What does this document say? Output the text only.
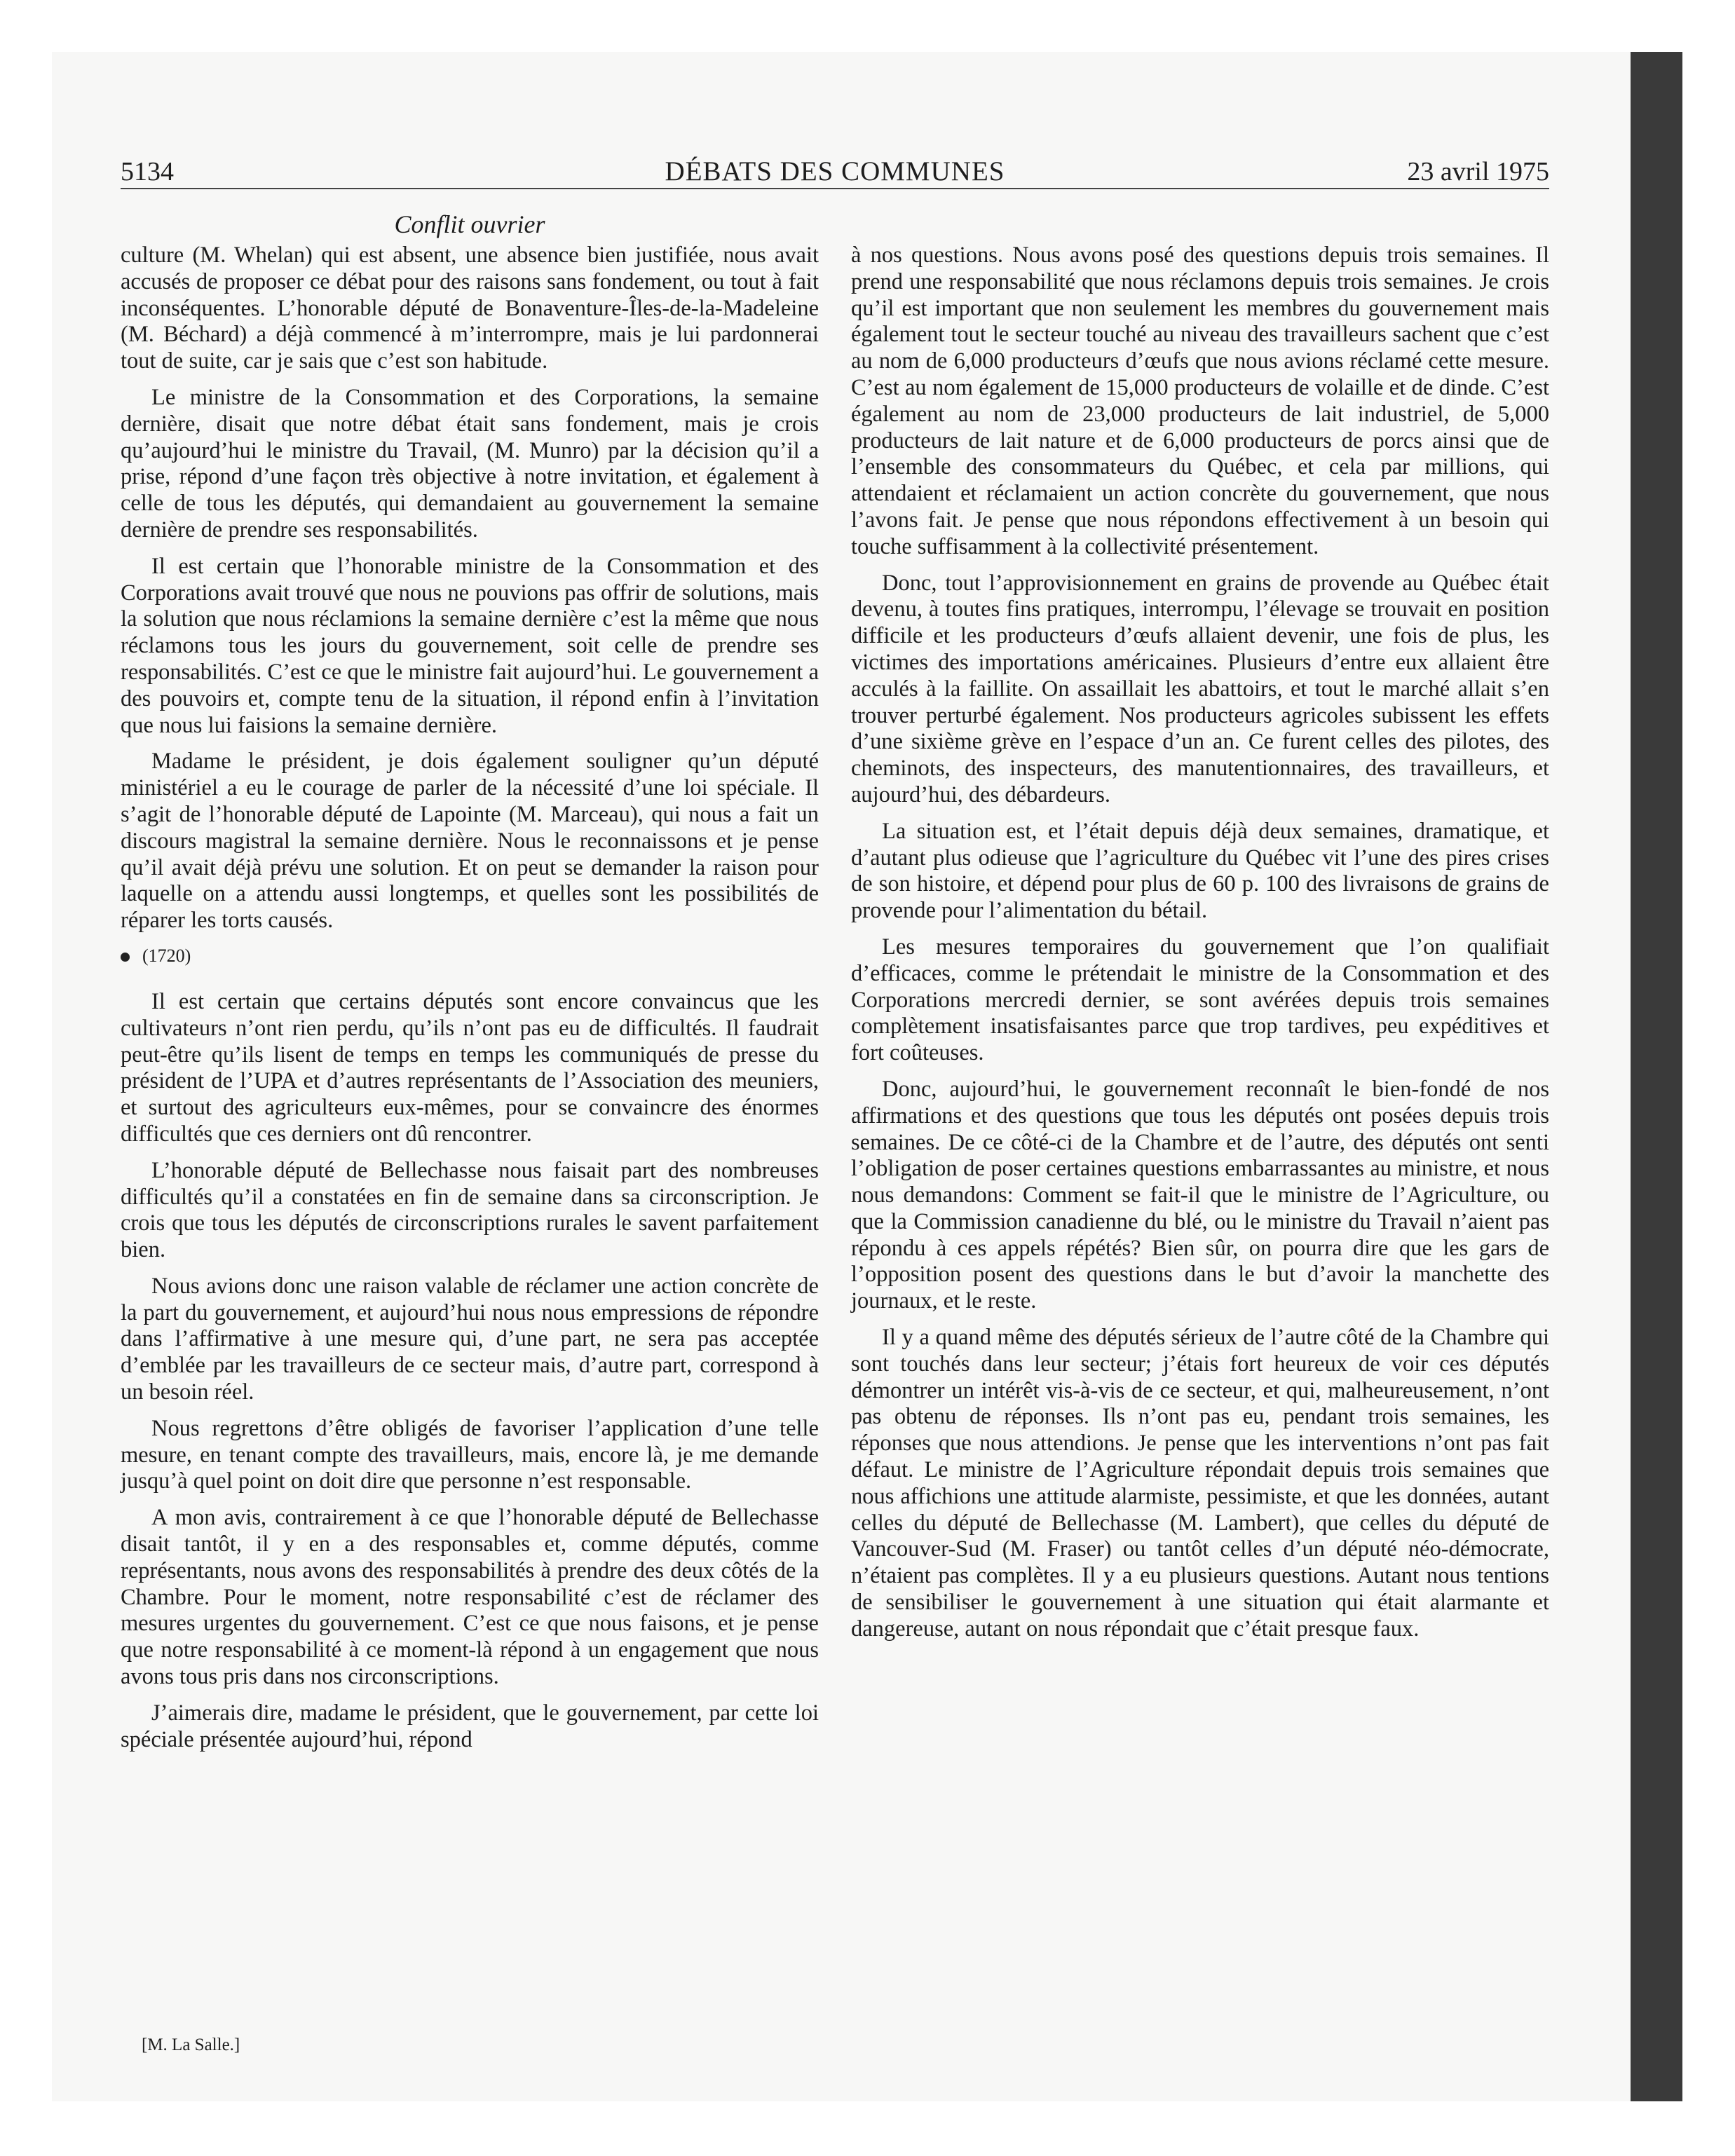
5134	DÉBATS DES COMMUNES	23 avril 1975
Conflit ouvrier

culture (M. Whelan) qui est absent, une absence bien justifiée, nous avait accusés de proposer ce débat pour des raisons sans fondement, ou tout à fait inconséquentes. L’honorable député de Bonaventure-Îles-de-la-Madeleine (M. Béchard) a déjà commencé à m’interrompre, mais je lui pardonnerai tout de suite, car je sais que c’est son habitude.

Le ministre de la Consommation et des Corporations, la semaine dernière, disait que notre débat était sans fondement, mais je crois qu’aujourd’hui le ministre du Travail, (M. Munro) par la décision qu’il a prise, répond d’une façon très objective à notre invitation, et également à celle de tous les députés, qui demandaient au gouvernement la semaine dernière de prendre ses responsabilités.

Il est certain que l’honorable ministre de la Consommation et des Corporations avait trouvé que nous ne pouvions pas offrir de solutions, mais la solution que nous réclamions la semaine dernière c’est la même que nous réclamons tous les jours du gouvernement, soit celle de prendre ses responsabilités. C’est ce que le ministre fait aujourd’hui. Le gouvernement a des pouvoirs et, compte tenu de la situation, il répond enfin à l’invitation que nous lui faisions la semaine dernière.

Madame le président, je dois également souligner qu’un député ministériel a eu le courage de parler de la nécessité d’une loi spéciale. Il s’agit de l’honorable député de Lapointe (M. Marceau), qui nous a fait un discours magistral la semaine dernière. Nous le reconnaissons et je pense qu’il avait déjà prévu une solution. Et on peut se demander la raison pour laquelle on a attendu aussi longtemps, et quelles sont les possibilités de réparer les torts causés.

(1720)

Il est certain que certains députés sont encore convaincus que les cultivateurs n’ont rien perdu, qu’ils n’ont pas eu de difficultés. Il faudrait peut-être qu’ils lisent de temps en temps les communiqués de presse du président de l’UPA et d’autres représentants de l’Association des meuniers, et surtout des agriculteurs eux-mêmes, pour se convaincre des énormes difficultés que ces derniers ont dû rencontrer.

L’honorable député de Bellechasse nous faisait part des nombreuses difficultés qu’il a constatées en fin de semaine dans sa circonscription. Je crois que tous les députés de circonscriptions rurales le savent parfaitement bien.

Nous avions donc une raison valable de réclamer une action concrète de la part du gouvernement, et aujourd’hui nous nous empressions de répondre dans l’affirmative à une mesure qui, d’une part, ne sera pas acceptée d’emblée par les travailleurs de ce secteur mais, d’autre part, correspond à un besoin réel.

Nous regrettons d’être obligés de favoriser l’application d’une telle mesure, en tenant compte des travailleurs, mais, encore là, je me demande jusqu’à quel point on doit dire que personne n’est responsable.

A mon avis, contrairement à ce que l’honorable député de Bellechasse disait tantôt, il y en a des responsables et, comme députés, comme représentants, nous avons des responsabilités à prendre des deux côtés de la Chambre. Pour le moment, notre responsabilité c’est de réclamer des mesures urgentes du gouvernement. C’est ce que nous faisons, et je pense que notre responsabilité à ce moment-là répond à un engagement que nous avons tous pris dans nos circonscriptions.

J’aimerais dire, madame le président, que le gouvernement, par cette loi spéciale présentée aujourd’hui, répond

à nos questions. Nous avons posé des questions depuis trois semaines. Il prend une responsabilité que nous réclamons depuis trois semaines. Je crois qu’il est important que non seulement les membres du gouvernement mais également tout le secteur touché au niveau des travailleurs sachent que c’est au nom de 6,000 producteurs d’œufs que nous avions réclamé cette mesure. C’est au nom également de 15,000 producteurs de volaille et de dinde. C’est également au nom de 23,000 producteurs de lait industriel, de 5,000 producteurs de lait nature et de 6,000 producteurs de porcs ainsi que de l’ensemble des consommateurs du Québec, et cela par millions, qui attendaient et réclamaient un action concrète du gouvernement, que nous l’avons fait. Je pense que nous répondons effectivement à un besoin qui touche suffisamment à la collectivité présentement.

Donc, tout l’approvisionnement en grains de provende au Québec était devenu, à toutes fins pratiques, interrompu, l’élevage se trouvait en position difficile et les producteurs d’œufs allaient devenir, une fois de plus, les victimes des importations américaines. Plusieurs d’entre eux allaient être acculés à la faillite. On assaillait les abattoirs, et tout le marché allait s’en trouver perturbé également. Nos producteurs agricoles subissent les effets d’une sixième grève en l’espace d’un an. Ce furent celles des pilotes, des cheminots, des inspecteurs, des manutentionnaires, des travailleurs, et aujourd’hui, des débardeurs.

La situation est, et l’était depuis déjà deux semaines, dramatique, et d’autant plus odieuse que l’agriculture du Québec vit l’une des pires crises de son histoire, et dépend pour plus de 60 p. 100 des livraisons de grains de provende pour l’alimentation du bétail.

Les mesures temporaires du gouvernement que l’on qualifiait d’efficaces, comme le prétendait le ministre de la Consommation et des Corporations mercredi dernier, se sont avérées depuis trois semaines complètement insatisfaisantes parce que trop tardives, peu expéditives et fort coûteuses.

Donc, aujourd’hui, le gouvernement reconnaît le bien-fondé de nos affirmations et des questions que tous les députés ont posées depuis trois semaines. De ce côté-ci de la Chambre et de l’autre, des députés ont senti l’obligation de poser certaines questions embarrassantes au ministre, et nous nous demandons: Comment se fait-il que le ministre de l’Agriculture, ou que la Commission canadienne du blé, ou le ministre du Travail n’aient pas répondu à ces appels répétés? Bien sûr, on pourra dire que les gars de l’opposition posent des questions dans le but d’avoir la manchette des journaux, et le reste.

Il y a quand même des députés sérieux de l’autre côté de la Chambre qui sont touchés dans leur secteur; j’étais fort heureux de voir ces députés démontrer un intérêt vis-à-vis de ce secteur, et qui, malheureusement, n’ont pas obtenu de réponses. Ils n’ont pas eu, pendant trois semaines, les réponses que nous attendions. Je pense que les interventions n’ont pas fait défaut. Le ministre de l’Agriculture répondait depuis trois semaines que nous affichions une attitude alarmiste, pessimiste, et que les données, autant celles du député de Bellechasse (M. Lambert), que celles du député de Vancouver-Sud (M. Fraser) ou tantôt celles d’un député néo-démocrate, n’étaient pas complètes. Il y a eu plusieurs questions. Autant nous tentions de sensibiliser le gouvernement à une situation qui était alarmante et dangereuse, autant on nous répondait que c’était presque faux.

[M. La Salle.]
